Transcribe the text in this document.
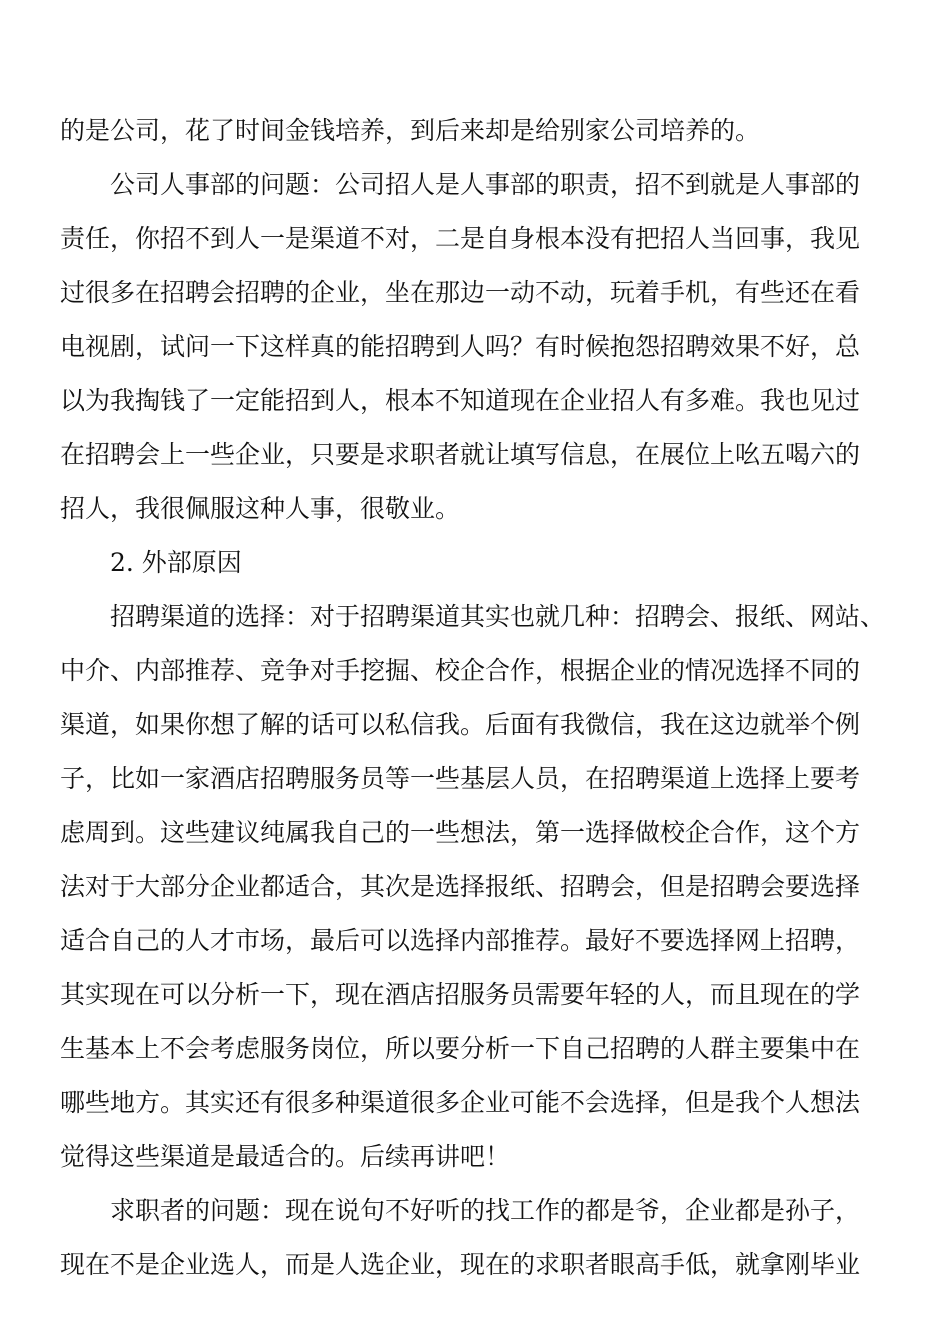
的是公司，花了时间金钱培养，到后来却是给别家公司培养的。
公司人事部的问题：公司招人是人事部的职责，招不到就是人事部的
责任，你招不到人一是渠道不对，二是自身根本没有把招人当回事，我见
过很多在招聘会招聘的企业，坐在那边一动不动，玩着手机，有些还在看
电视剧，试问一下这样真的能招聘到人吗？有时候抱怨招聘效果不好，总
以为我掏钱了一定能招到人，根本不知道现在企业招人有多难。我也见过
在招聘会上一些企业，只要是求职者就让填写信息，在展位上吆五喝六的
招人，我很佩服这种人事，很敬业。
2. 外部原因
招聘渠道的选择：对于招聘渠道其实也就几种：招聘会、报纸、网站、
中介、内部推荐、竞争对手挖掘、校企合作，根据企业的情况选择不同的
渠道，如果你想了解的话可以私信我。后面有我微信，我在这边就举个例
子，比如一家酒店招聘服务员等一些基层人员，在招聘渠道上选择上要考
虑周到。这些建议纯属我自己的一些想法，第一选择做校企合作，这个方
法对于大部分企业都适合，其次是选择报纸、招聘会，但是招聘会要选择
适合自己的人才市场，最后可以选择内部推荐。最好不要选择网上招聘，
其实现在可以分析一下，现在酒店招服务员需要年轻的人，而且现在的学
生基本上不会考虑服务岗位，所以要分析一下自己招聘的人群主要集中在
哪些地方。其实还有很多种渠道很多企业可能不会选择，但是我个人想法
觉得这些渠道是最适合的。后续再讲吧！
求职者的问题：现在说句不好听的找工作的都是爷，企业都是孙子，
现在不是企业选人，而是人选企业，现在的求职者眼高手低，就拿刚毕业
